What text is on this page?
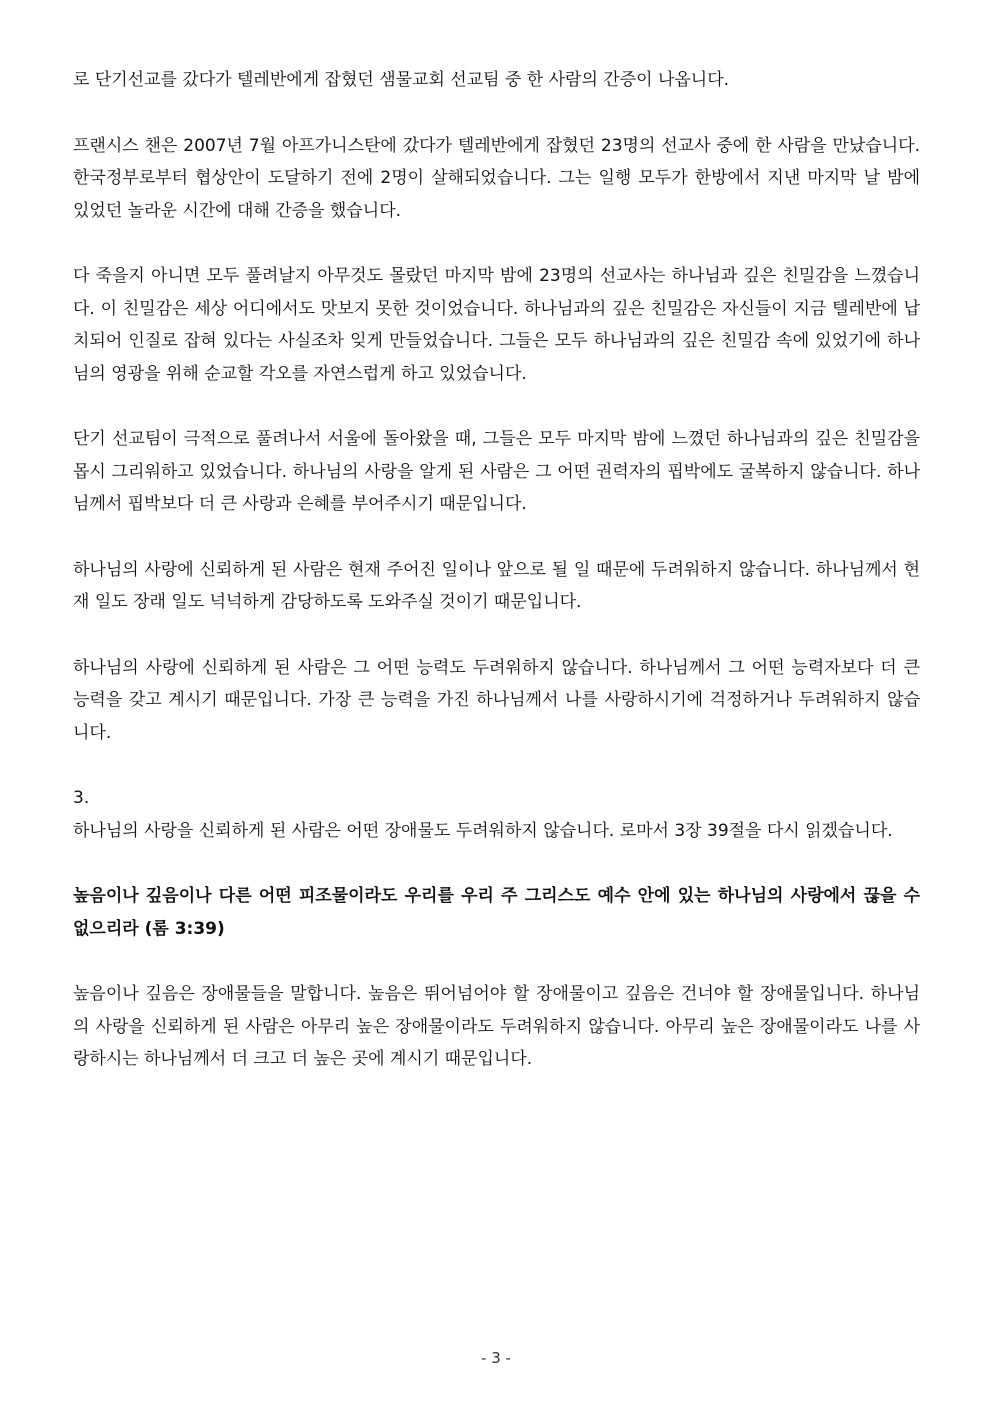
로 단기선교를 갔다가 텔레반에게 잡혔던 샘물교회 선교팀 중 한 사람의 간증이 나옵니다.

프랜시스 챈은 2007년 7월 아프가니스탄에 갔다가 텔레반에게 잡혔던 23명의 선교사 중에 한 사람을 만났습니다. 한국정부로부터 협상안이 도달하기 전에 2명이 살해되었습니다. 그는 일행 모두가 한방에서 지낸 마지막 날 밤에 있었던 놀라운 시간에 대해 간증을 했습니다.

다 죽을지 아니면 모두 풀려날지 아무것도 몰랐던 마지막 밤에 23명의 선교사는 하나님과 깊은 친밀감을 느꼈습니다. 이 친밀감은 세상 어디에서도 맛보지 못한 것이었습니다. 하나님과의 깊은 친밀감은 자신들이 지금 텔레반에 납치되어 인질로 잡혀 있다는 사실조차 잊게 만들었습니다. 그들은 모두 하나님과의 깊은 친밀감 속에 있었기에 하나님의 영광을 위해 순교할 각오를 자연스럽게 하고 있었습니다.

단기 선교팀이 극적으로 풀려나서 서울에 돌아왔을 때, 그들은 모두 마지막 밤에 느꼈던 하나님과의 깊은 친밀감을 몹시 그리워하고 있었습니다. 하나님의 사랑을 알게 된 사람은 그 어떤 권력자의 핍박에도 굴복하지 않습니다. 하나님께서 핍박보다 더 큰 사랑과 은혜를 부어주시기 때문입니다.

하나님의 사랑에 신뢰하게 된 사람은 현재 주어진 일이나 앞으로 될 일 때문에 두려워하지 않습니다. 하나님께서 현재 일도 장래 일도 넉넉하게 감당하도록 도와주실 것이기 때문입니다.

하나님의 사랑에 신뢰하게 된 사람은 그 어떤 능력도 두려워하지 않습니다. 하나님께서 그 어떤 능력자보다 더 큰 능력을 갖고 계시기 때문입니다. 가장 큰 능력을 가진 하나님께서 나를 사랑하시기에 걱정하거나 두려워하지 않습니다.

3.

하나님의 사랑을 신뢰하게 된 사람은 어떤 장애물도 두려워하지 않습니다. 로마서 3장 39절을 다시 읽겠습니다.

높음이나 깊음이나 다른 어떤 피조물이라도 우리를 우리 주 그리스도 예수 안에 있는 하나님의 사랑에서 끊을 수 없으리라 (롬 3:39)

높음이나 깊음은 장애물들을 말합니다. 높음은 뛰어넘어야 할 장애물이고 깊음은 건너야 할 장애물입니다. 하나님의 사랑을 신뢰하게 된 사람은 아무리 높은 장애물이라도 두려워하지 않습니다. 아무리 높은 장애물이라도 나를 사랑하시는 하나님께서 더 크고 더 높은 곳에 계시기 때문입니다.

- 3 -
